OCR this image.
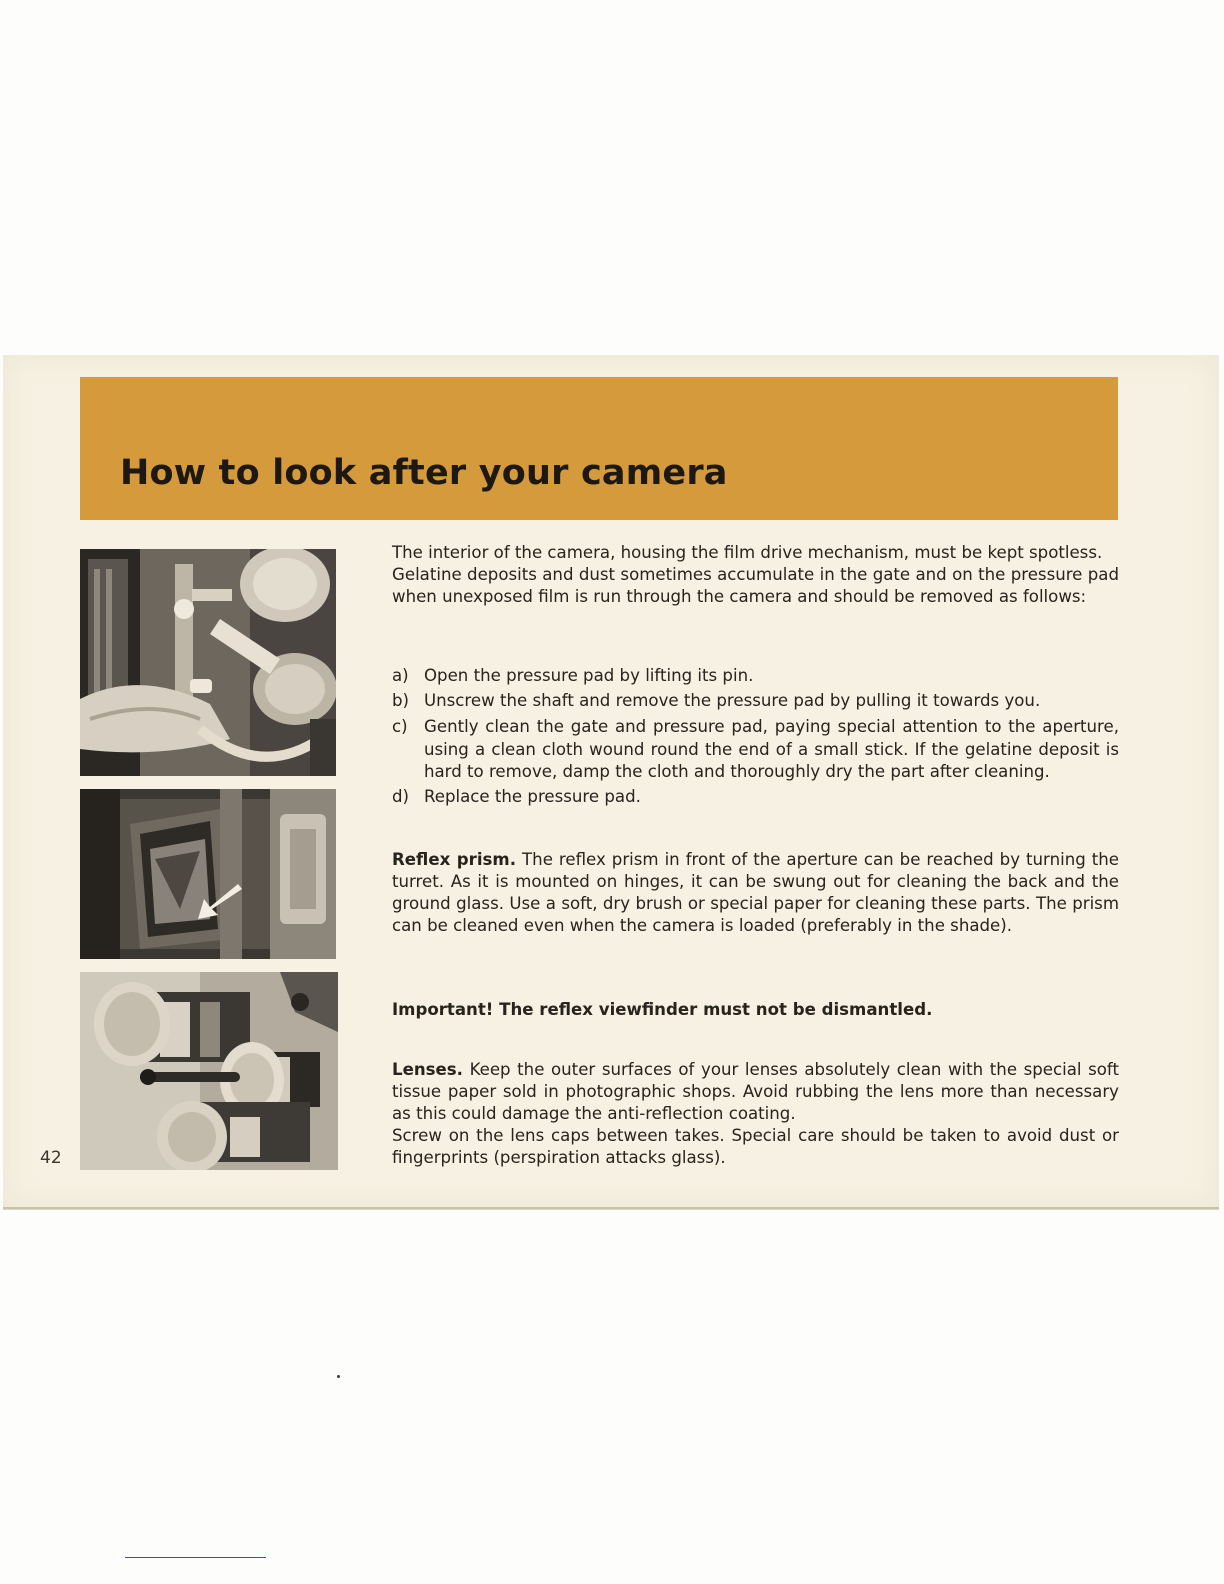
How to look after your camera
42

The interior of the camera, housing the film drive mechanism, must be kept spotless.

Gelatine deposits and dust sometimes accumulate in the gate and on the pressure pad when unexposed film is run through the camera and should be removed as follows:

a) Open the pressure pad by lifting its pin.
b) Unscrew the shaft and remove the pressure pad by pulling it towards you.
c) Gently clean the gate and pressure pad, paying special attention to the aperture, using a clean cloth wound round the end of a small stick. If the gelatine deposit is hard to remove, damp the cloth and thoroughly dry the part after cleaning.
d) Replace the pressure pad.

Reflex prism. The reflex prism in front of the aperture can be reached by turning the turret. As it is mounted on hinges, it can be swung out for cleaning the back and the ground glass. Use a soft, dry brush or special paper for cleaning these parts. The prism can be cleaned even when the camera is loaded (preferably in the shade).

Important! The reflex viewfinder must not be dismantled.

Lenses. Keep the outer surfaces of your lenses absolutely clean with the special soft tissue paper sold in photographic shops. Avoid rubbing the lens more than necessary as this could damage the anti-reflection coating.

Screw on the lens caps between takes. Special care should be taken to avoid dust or fingerprints (perspiration attacks glass).
